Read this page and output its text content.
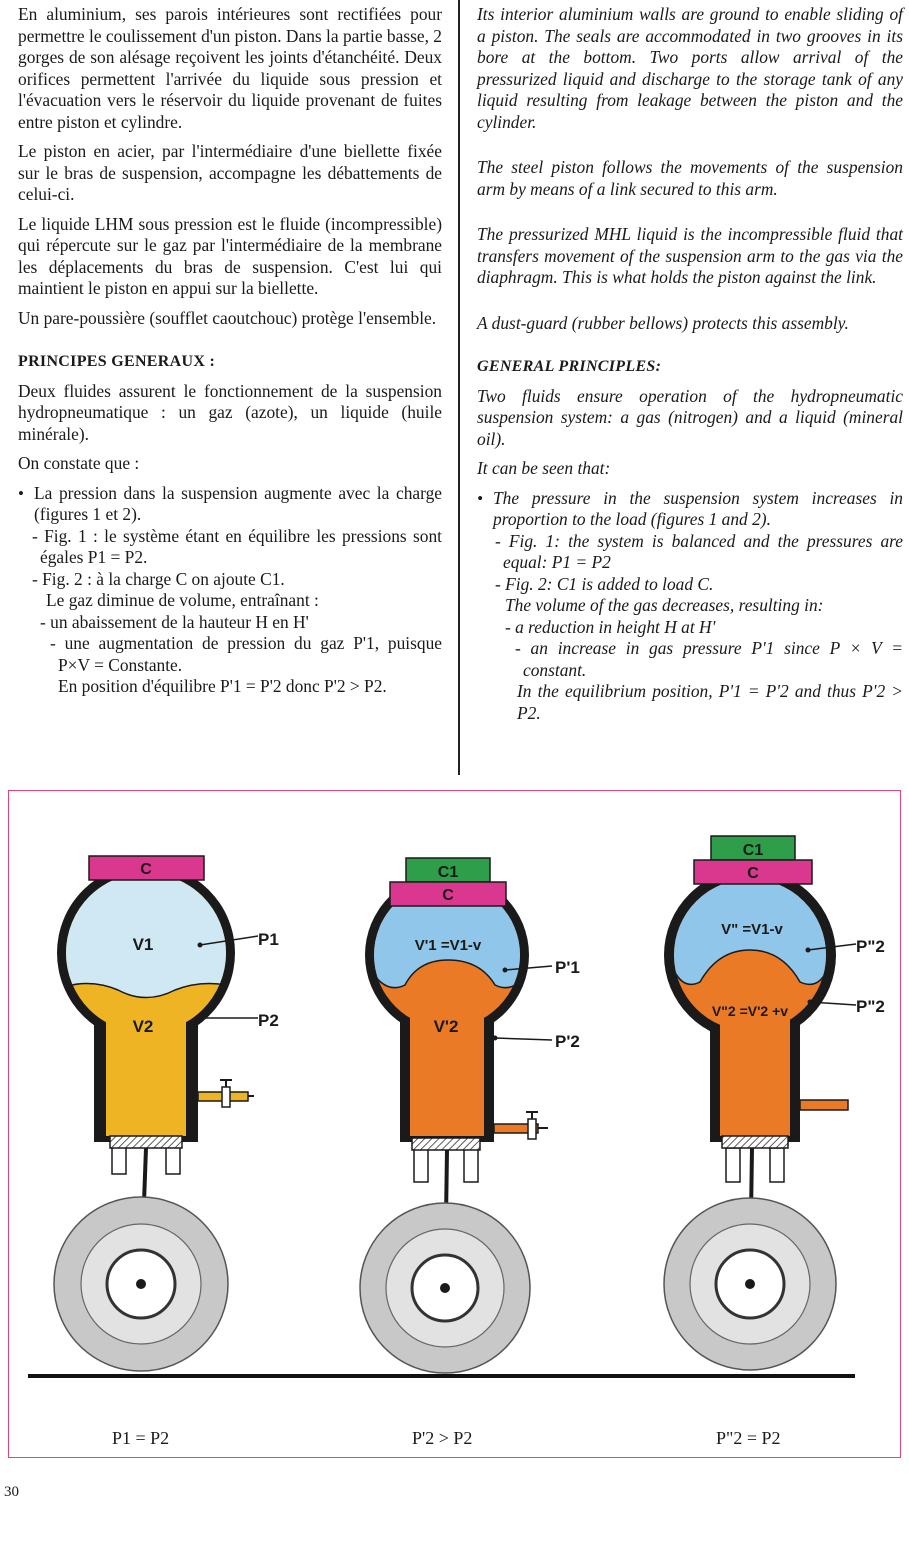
En aluminium, ses parois intérieures sont rectifiées pour permettre le coulissement d'un piston. Dans la partie basse, 2 gorges de son alésage reçoivent les joints d'étanchéité. Deux orifices permettent l'arrivée du liquide sous pression et l'évacuation vers le réservoir du liquide provenant de fuites entre piston et cylindre.

Le piston en acier, par l'intermédiaire d'une biellette fixée sur le bras de suspension, accompagne les débattements de celui-ci.

Le liquide LHM sous pression est le fluide (incompressible) qui répercute sur le gaz par l'intermédiaire de la membrane les déplacements du bras de suspension. C'est lui qui maintient le piston en appui sur la biellette.

Un pare-poussière (soufflet caoutchouc) protège l'ensemble.

PRINCIPES GENERAUX :

Deux fluides assurent le fonctionnement de la suspension hydropneumatique : un gaz (azote), un liquide (huile minérale).

On constate que :

• La pression dans la suspension augmente avec la charge (figures 1 et 2).

- Fig. 1 : le système étant en équilibre les pressions sont égales P1 = P2.

- Fig. 2 : à la charge C on ajoute C1.

Le gaz diminue de volume, entraînant :

- un abaissement de la hauteur H en H'

- une augmentation de pression du gaz P'1, puisque P×V = Constante.

En position d'équilibre P'1 = P'2 donc P'2 > P2.

Its interior aluminium walls are ground to enable sliding of a piston. The seals are accommodated in two grooves in its bore at the bottom. Two ports allow arrival of the pressurized liquid and discharge to the storage tank of any liquid resulting from leakage between the piston and the cylinder.

The steel piston follows the movements of the suspension arm by means of a link secured to this arm.

The pressurized MHL liquid is the incompressible fluid that transfers movement of the suspension arm to the gas via the diaphragm. This is what holds the piston against the link.

A dust-guard (rubber bellows) protects this assembly.

GENERAL PRINCIPLES:

Two fluids ensure operation of the hydropneumatic suspension system: a gas (nitrogen) and a liquid (mineral oil).

It can be seen that:

• The pressure in the suspension system increases in proportion to the load (figures 1 and 2).

- Fig. 1: the system is balanced and the pressures are equal: P1 = P2

- Fig. 2: C1 is added to load C.

The volume of the gas decreases, resulting in:

- a reduction in height H at H'

- an increase in gas pressure P'1 since P × V = constant.

In the equilibrium position, P'1 = P'2 and thus P'2 > P2.

C
V1
V2
P1
P2
C1
C
V'1 =V1-v
V'2
P'1
P'2
C1
C
V" =V1-v
V"2 =V'2 +v
P"2
P"2
P1 = P2	P'2 > P2	P"2 = P2
30
